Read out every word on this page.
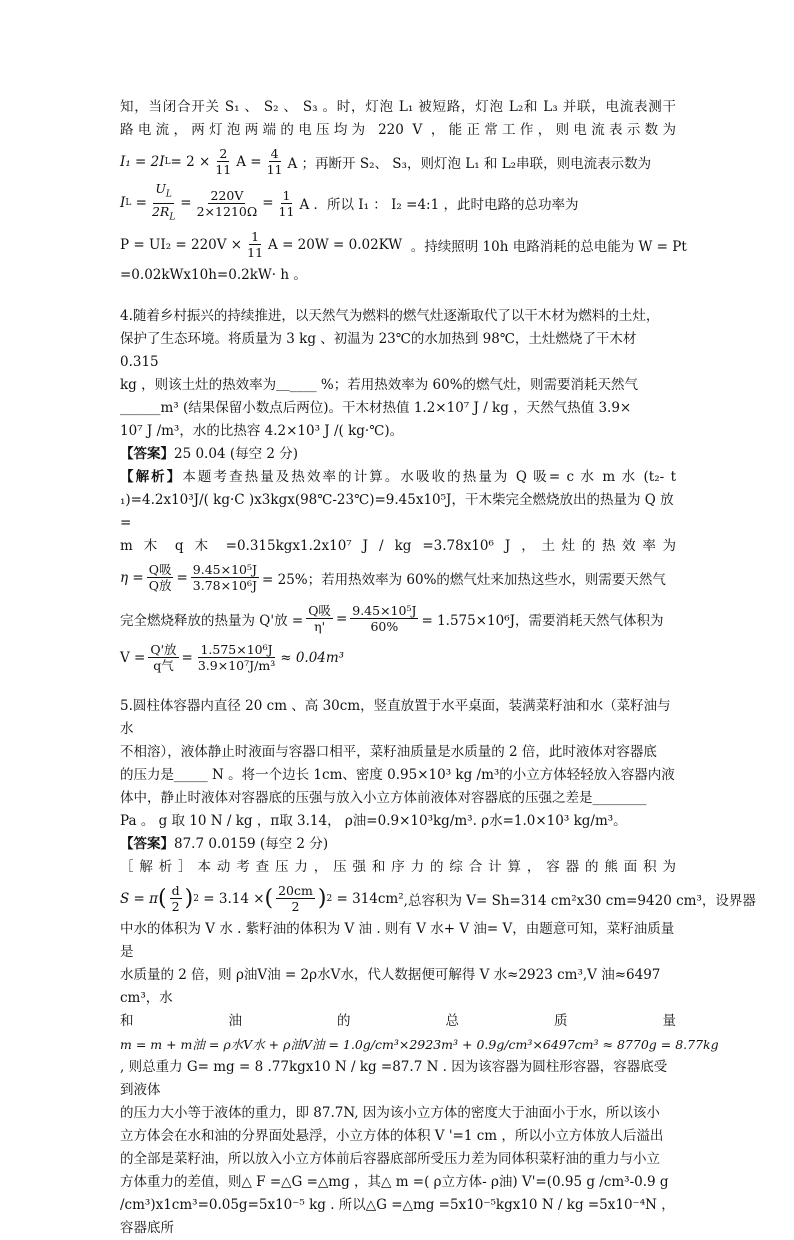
知，当闭合开关 S₁ 、 S₂ 、 S₃ 。时，灯泡 L₁ 被短路，灯泡 L₂和 L₃ 并联，电流表测干

路电流，两灯泡两端的电压均为 220 V ，能正常工作，则电流表示数为

I₁ = 2I $L = 2 \times \frac{2}{11}$ $A = \frac{4}{11}$ A ；再断开 S₂、 S₃，则灯泡 L₁ 和 L₂串联，则电流表示数为
I $L = \frac{U_L}{2R_L} = \frac{220V}{2\times 1210\Omega} = \frac{1}{11}$ A ．所以 I₁ ： I₂ =4:1 ，此时电路的总功率为
$P = UI_2 = 220V \times \frac{1}{11}$ A = 20W = 0.02KW
。持续照明 10h 电路消耗的总电能为 W = Pt

=0.02kWx10h=0.2kW· h 。

4.随着乡村振兴的持续推进，以天然气为燃料的燃气灶逐渐取代了以干木材为燃料的土灶，

保护了生态环境。将质量为 3 kg 、初温为 23℃的水加热到 98℃，土灶燃烧了干木材 0.315

kg ，则该土灶的热效率为＿____ %；若用热效率为 60%的燃气灶，则需要消耗天然气

______m³ (结果保留小数点后两位)。干木材热值 1.2×10⁷ J / kg ，天然气热值 3.9×

10⁷ J /m³，水的比热容 4.2×10³ J /( kg·℃)。

【答案】25 0.04 (每空 2 分)

【解析】本题考查热量及热效率的计算。水吸收的热量为 Q 吸= c 水 m 水 (t₂- t

₁)=4.2x10³J/( kg·C )x3kgx(98℃-23℃)=9.45x10⁵J，干木柴完全燃烧放出的热量为 Q 放=

m 木 q 木 =0.315kgx1.2x10⁷ J / kg =3.78x10⁶ J ，土灶的热效率为

$\eta = \frac{\text{Q吸}}{\text{Q放}} = \frac{\text{9.45×10⁵J}}{\text{3.78×10⁶J}} = 25\%$；若用热效率为 60%的燃气灶来加热这些水，则需要天然气
完全燃烧释放的热量为 Q'放 = $\frac{\text{Q吸}}{\eta'} = \frac{\text{9.45×10⁵J}}{60\%} = 1.575\times 10^6J$，需要消耗天然气体积为
$V = \frac{\text{Q'放}}{\text{q气}} = \frac{\text{1.575×10⁶J}}{\text{3.9×10⁷J/m³}} \approx 0.04m^3$

5.圆柱体容器内直径 20 cm 、高 30cm，竖直放置于水平桌面，装满菜籽油和水（菜籽油与水

不相溶），液体静止时液面与容器口相平，菜籽油质量是水质量的 2 倍，此时液体对容器底

的压力是_____ N 。将一个边长 1cm、密度 0.95×10³ kg /m³的小立方体轻轻放入容器内液

体中，静止时液体对容器底的压强与放入小立方体前液体对容器底的压强之差是________

Pa 。 g 取 10 N / kg ，π取 3.14， ρ油=0.9×10³kg/m³. ρ水=1.0×10³ kg/m³。

【答案】87.7 0.0159 (每空 2 分)

［解析］本动考查压力，压强和序力的综合计算，容器的熊面积为

S = π ( $\frac{d}{2}$ ) 2
= 3.14 × ( $\frac{20cm}{2}$ ) 2
= 314cm² ,总容积为 V= Sh=314 cm²x30 cm=9420 cm³，设界器

中水的体积为 V 水 . 紫籽油的体积为 V 油 . 则有 V 水+ V 油= V，由题意可知，菜籽油质量是

水质量的 2 倍，则 ρ油V油 = 2ρ水V水，代人数据便可解得 V 水≈2923 cm³,V 油≈6497 cm³，水

和 油 的 总 质 量

m = m + m油 = ρ水V水 + ρ油V油 = 1.0g/cm³×2923m³ + 0.9g/cm³×6497cm³ ≈ 8770g = 8.77kg

, 则总重力 G= mg = 8 .77kgx10 N / kg =87.7 N . 因为该容器为圆柱形容器，容器底受到液体

的压力大小等于液体的重力，即 87.7N, 因为该小立方体的密度大于油面小于水，所以该小

立方体会在水和油的分界面处悬浮，小立方体的体积 V '=1 cm ，所以小立方体放人后溢出

的全部是菜籽油，所以放入小立方体前后容器底部所受压力差为同体积菜籽油的重力与小立

方体重力的差值，则△ F =△G =△mg ，其△ m =( ρ立方体- ρ油) V'=(0.95 g /cm³-0.9 g

/cm³)x1cm³=0.05g=5x10⁻⁵ kg . 所以△G =△mg =5x10⁻⁵kgx10 N / kg =5x10⁻⁴N ，容器底所
